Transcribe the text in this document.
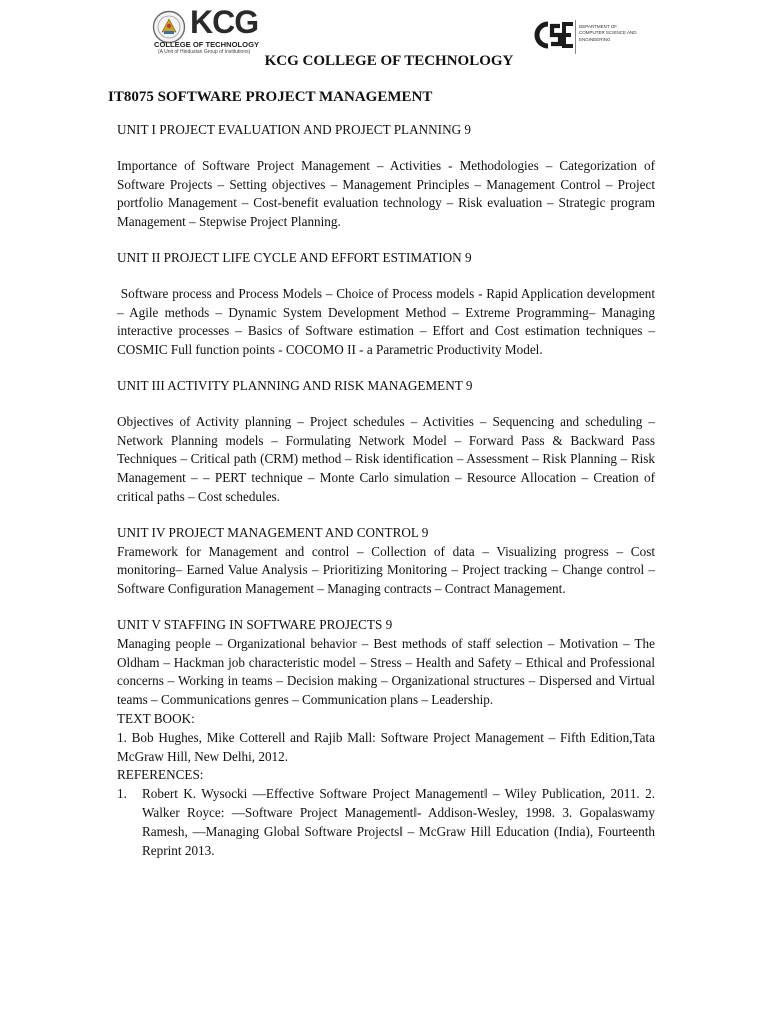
KCG
COLLEGE OF TECHNOLOGY
(A Unit of Hindustan Group of Institutions)
DEPARTMENT OF COMPUTER SCIENCE AND ENGINEERING
KCG COLLEGE OF TECHNOLOGY
IT8075 SOFTWARE PROJECT MANAGEMENT

UNIT I PROJECT EVALUATION AND PROJECT PLANNING 9

Importance of Software Project Management – Activities - Methodologies – Categorization of Software Projects – Setting objectives – Management Principles – Management Control – Project portfolio Management – Cost-benefit evaluation technology – Risk evaluation – Strategic program Management – Stepwise Project Planning.

UNIT II PROJECT LIFE CYCLE AND EFFORT ESTIMATION 9

Software process and Process Models – Choice of Process models - Rapid Application development – Agile methods – Dynamic System Development Method – Extreme Programming– Managing interactive processes – Basics of Software estimation – Effort and Cost estimation techniques – COSMIC Full function points - COCOMO II - a Parametric Productivity Model.

UNIT III ACTIVITY PLANNING AND RISK MANAGEMENT 9

Objectives of Activity planning – Project schedules – Activities – Sequencing and scheduling – Network Planning models – Formulating Network Model – Forward Pass & Backward Pass Techniques – Critical path (CRM) method – Risk identification – Assessment – Risk Planning – Risk Management – – PERT technique – Monte Carlo simulation – Resource Allocation – Creation of critical paths – Cost schedules.

UNIT IV PROJECT MANAGEMENT AND CONTROL 9

Framework for Management and control – Collection of data – Visualizing progress – Cost monitoring– Earned Value Analysis – Prioritizing Monitoring – Project tracking – Change control – Software Configuration Management – Managing contracts – Contract Management.

UNIT V STAFFING IN SOFTWARE PROJECTS 9

Managing people – Organizational behavior – Best methods of staff selection – Motivation – The Oldham – Hackman job characteristic model – Stress – Health and Safety – Ethical and Professional concerns – Working in teams – Decision making – Organizational structures – Dispersed and Virtual teams – Communications genres – Communication plans – Leadership.

TEXT BOOK:

1. Bob Hughes, Mike Cotterell and Rajib Mall: Software Project Management – Fifth Edition,Tata McGraw Hill, New Delhi, 2012.

REFERENCES:

1. Robert K. Wysocki ―Effective Software Project Management‖ – Wiley Publication, 2011. 2. Walker Royce: ―Software Project Management‖- Addison-Wesley, 1998. 3. Gopalaswamy Ramesh, ―Managing Global Software Projects‖ – McGraw Hill Education (India), Fourteenth Reprint 2013.
